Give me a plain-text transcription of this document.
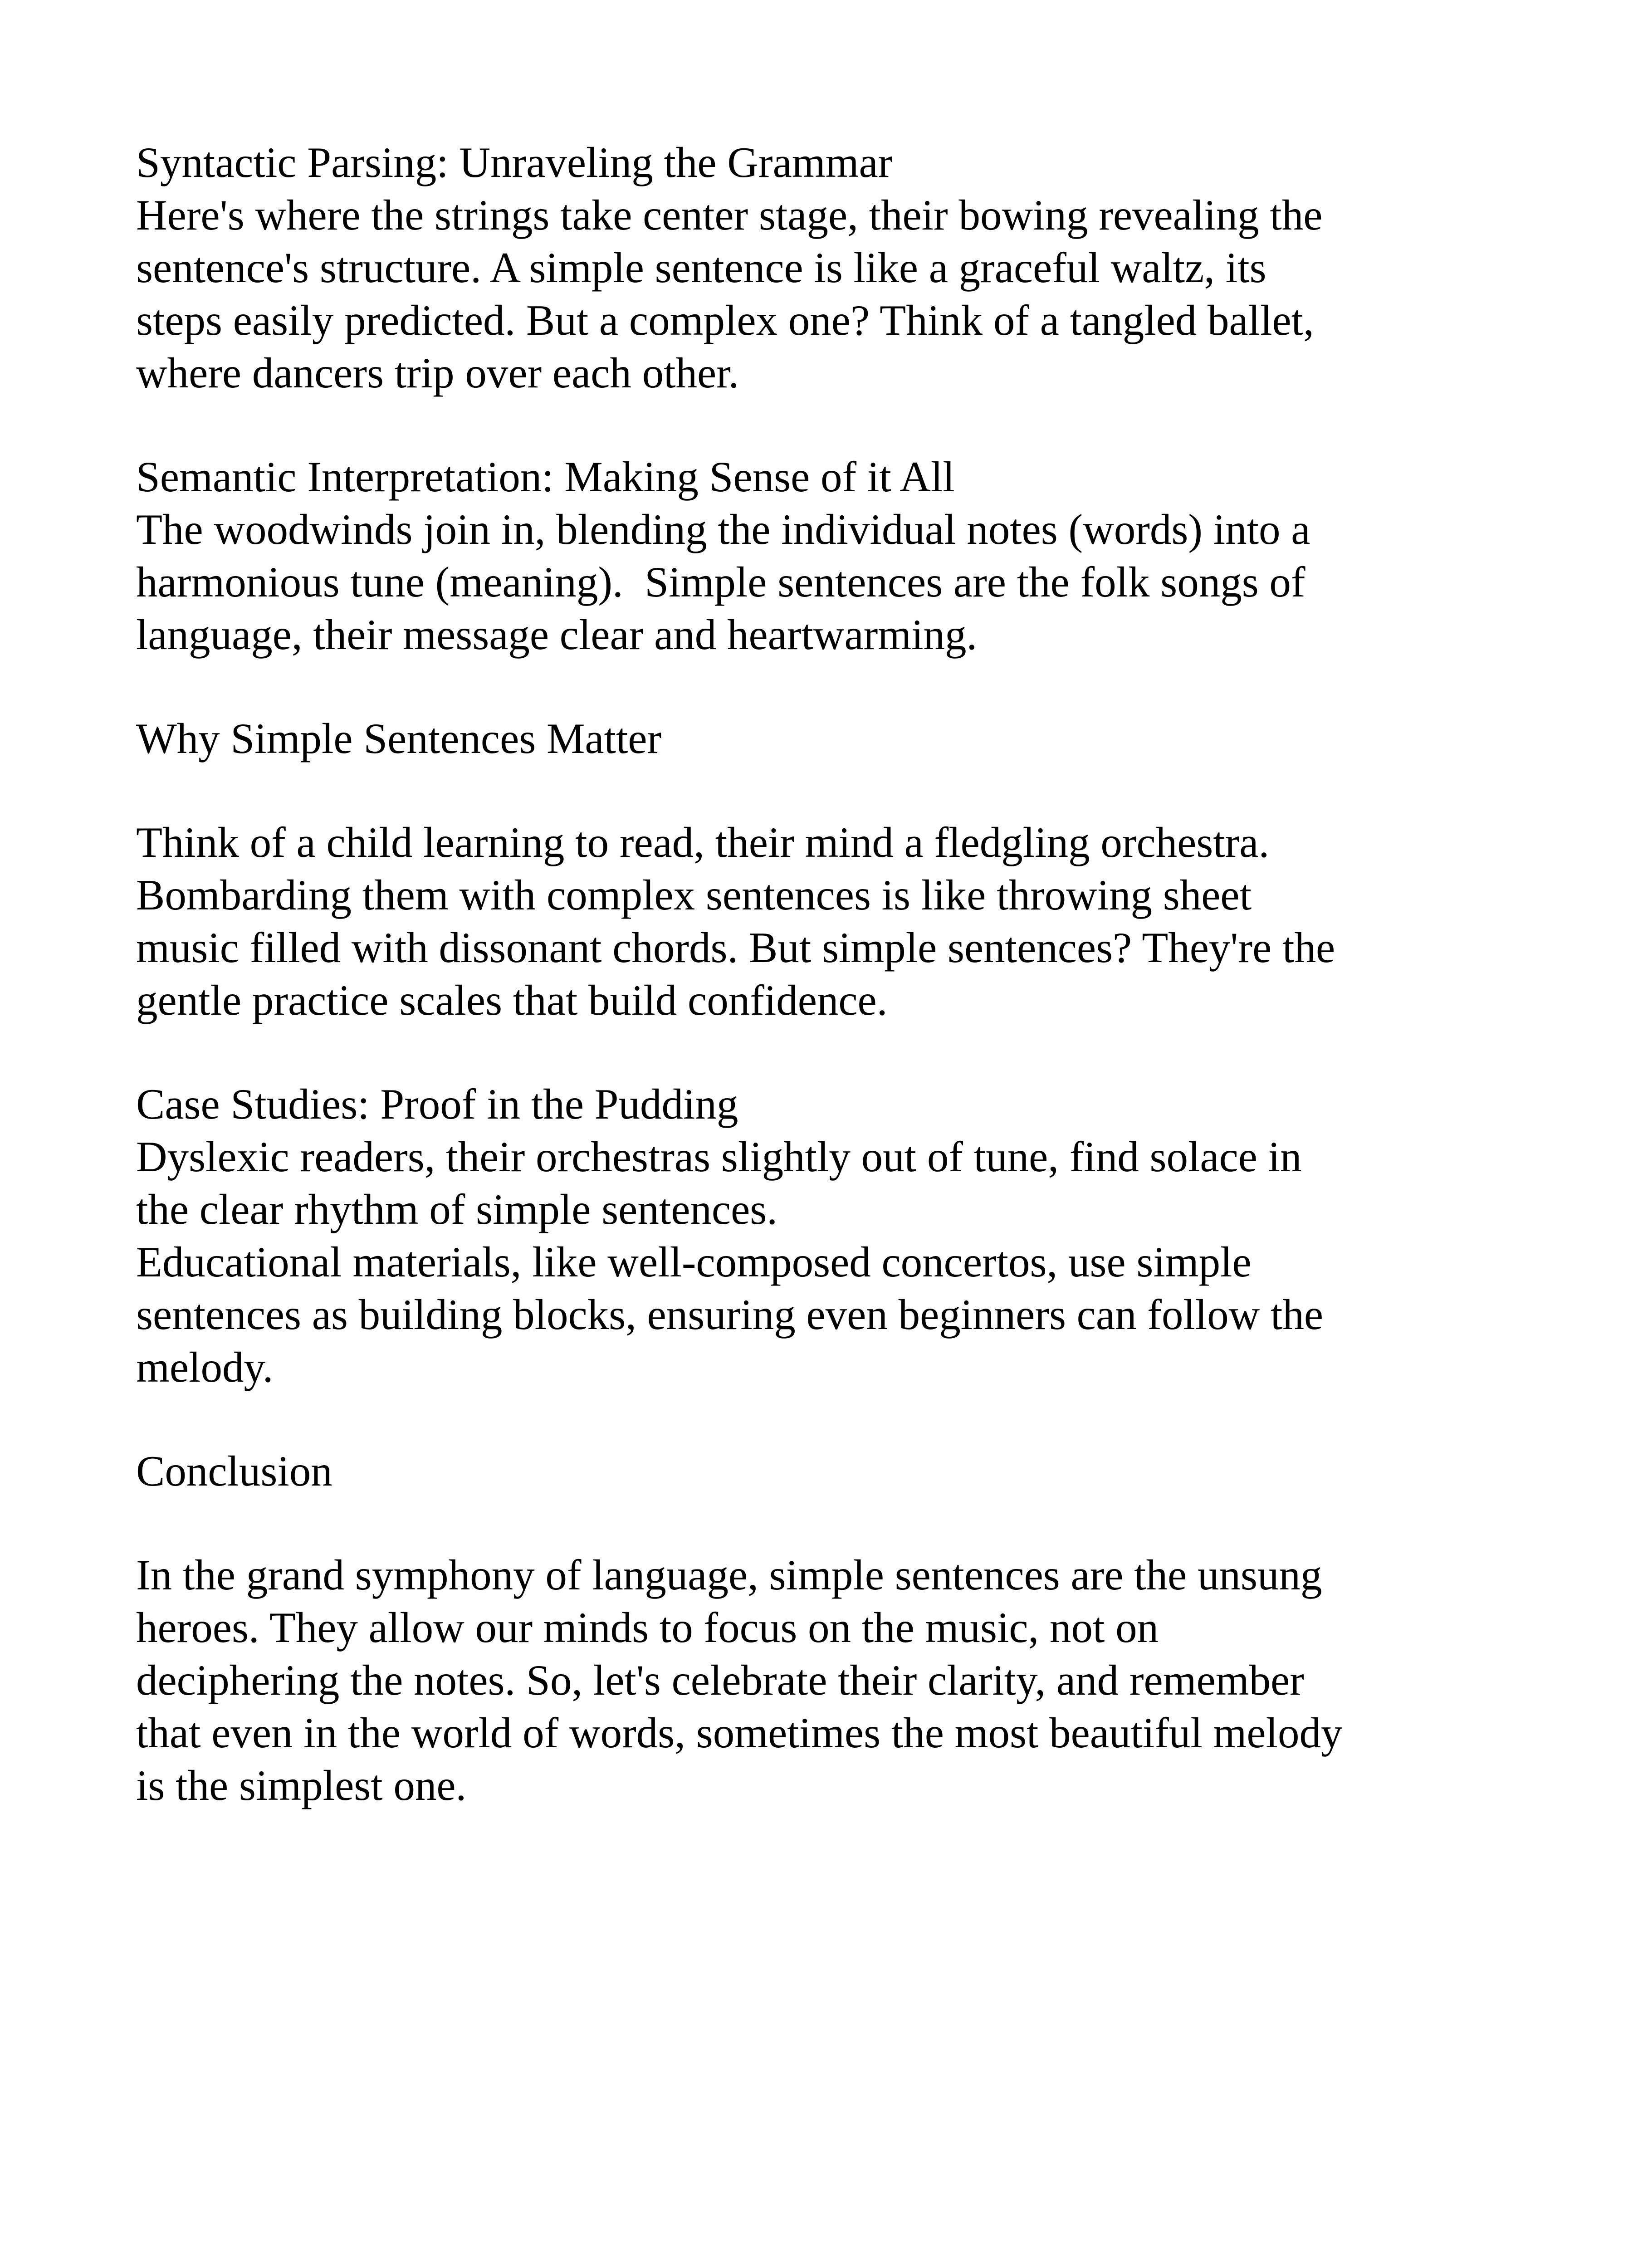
Syntactic Parsing: Unraveling the Grammar
Here's where the strings take center stage, their bowing revealing the
sentence's structure. A simple sentence is like a graceful waltz, its
steps easily predicted. But a complex one? Think of a tangled ballet,
where dancers trip over each other.
Semantic Interpretation: Making Sense of it All
The woodwinds join in, blending the individual notes (words) into a
harmonious tune (meaning).  Simple sentences are the folk songs of
language, their message clear and heartwarming.
Why Simple Sentences Matter
Think of a child learning to read, their mind a fledgling orchestra.
Bombarding them with complex sentences is like throwing sheet
music filled with dissonant chords. But simple sentences? They're the
gentle practice scales that build confidence.
Case Studies: Proof in the Pudding
Dyslexic readers, their orchestras slightly out of tune, find solace in
the clear rhythm of simple sentences.
Educational materials, like well-composed concertos, use simple
sentences as building blocks, ensuring even beginners can follow the
melody.
Conclusion
In the grand symphony of language, simple sentences are the unsung
heroes. They allow our minds to focus on the music, not on
deciphering the notes. So, let's celebrate their clarity, and remember
that even in the world of words, sometimes the most beautiful melody
is the simplest one.
